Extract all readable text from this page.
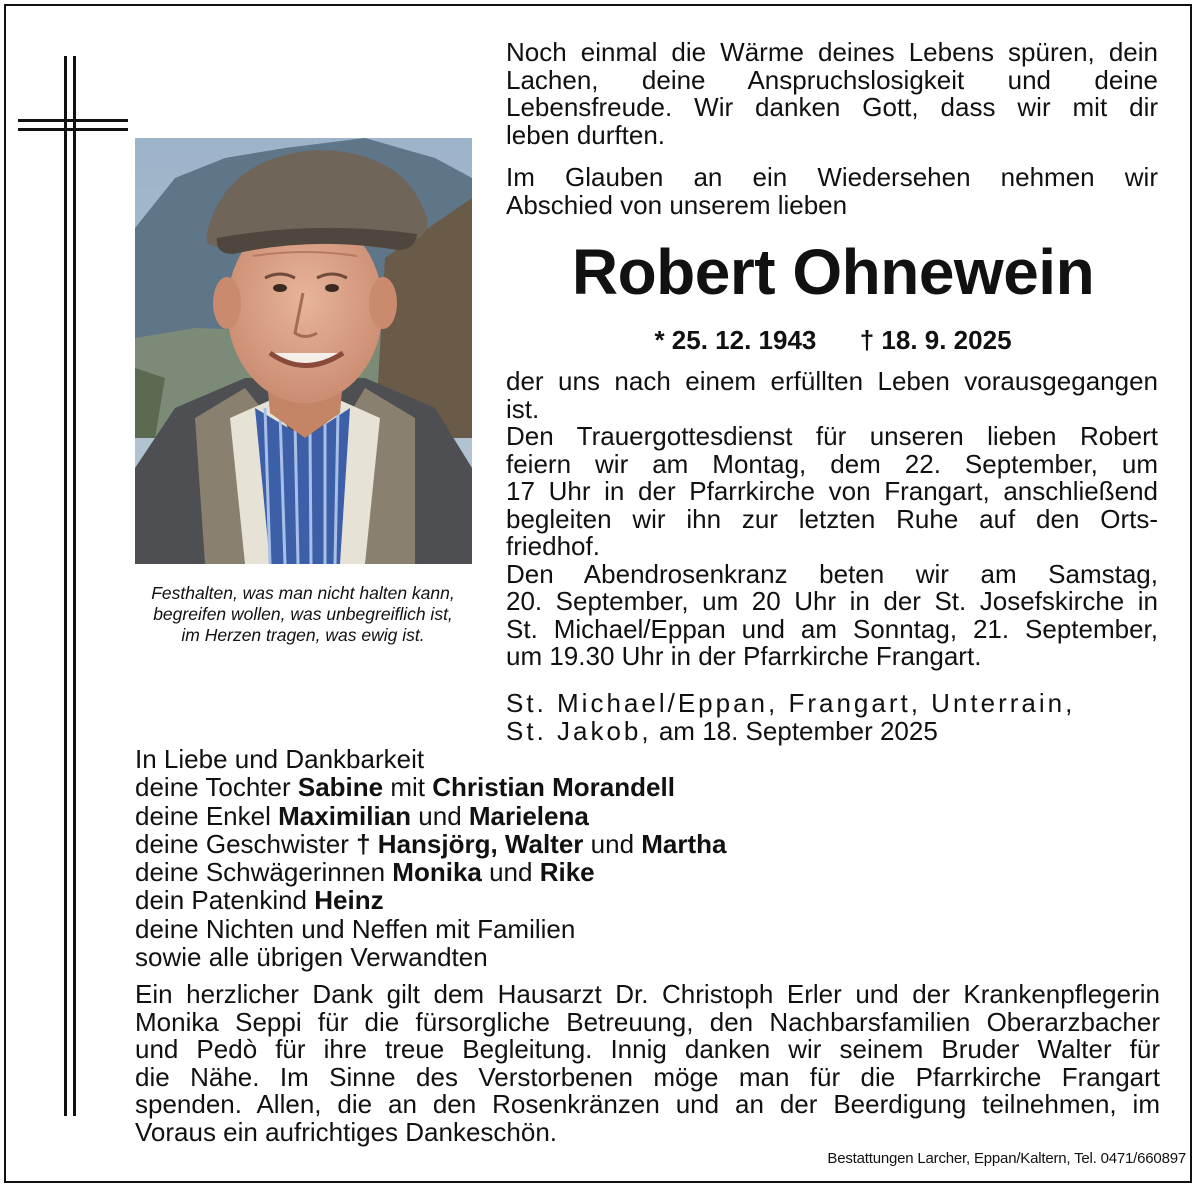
Festhalten, was man nicht halten kann,
begreifen wollen, was unbegreiflich ist,
im Herzen tragen, was ewig ist.
Noch einmal die Wärme deines Lebens spüren, dein
Lachen, deine Anspruchslosigkeit und deine
Lebensfreude. Wir danken Gott, dass wir mit dir
leben durften.
Im Glauben an ein Wiedersehen nehmen wir
Abschied von unserem lieben
Robert Ohnewein
* 25. 12. 1943      † 18. 9. 2025
der uns nach einem erfüllten Leben vorausgegangen
ist.
Den Trauergottesdienst für unseren lieben Robert
feiern wir am Montag, dem 22. September, um
17 Uhr in der Pfarrkirche von Frangart, anschließend
begleiten wir ihn zur letzten Ruhe auf den Orts-
friedhof.
Den Abendrosenkranz beten wir am Samstag,
20. September, um 20 Uhr in der St. Josefskirche in
St. Michael/Eppan und am Sonntag, 21. September,
um 19.30 Uhr in der Pfarrkirche Frangart.
St. Michael/Eppan, Frangart, Unterrain,
St. Jakob, am 18. September 2025
In Liebe und Dankbarkeit
deine Tochter Sabine mit Christian Morandell
deine Enkel Maximilian und Marielena
deine Geschwister † Hansjörg, Walter und Martha
deine Schwägerinnen Monika und Rike
dein Patenkind Heinz
deine Nichten und Neffen mit Familien
sowie alle übrigen Verwandten
Ein herzlicher Dank gilt dem Hausarzt Dr. Christoph Erler und der Krankenpflegerin
Monika Seppi für die fürsorgliche Betreuung, den Nachbarsfamilien Oberarzbacher
und Pedò für ihre treue Begleitung. Innig danken wir seinem Bruder Walter für
die Nähe. Im Sinne des Verstorbenen möge man für die Pfarrkirche Frangart
spenden. Allen, die an den Rosenkränzen und an der Beerdigung teilnehmen, im
Voraus ein aufrichtiges Dankeschön.
Bestattungen Larcher, Eppan/Kaltern, Tel. 0471/660897
